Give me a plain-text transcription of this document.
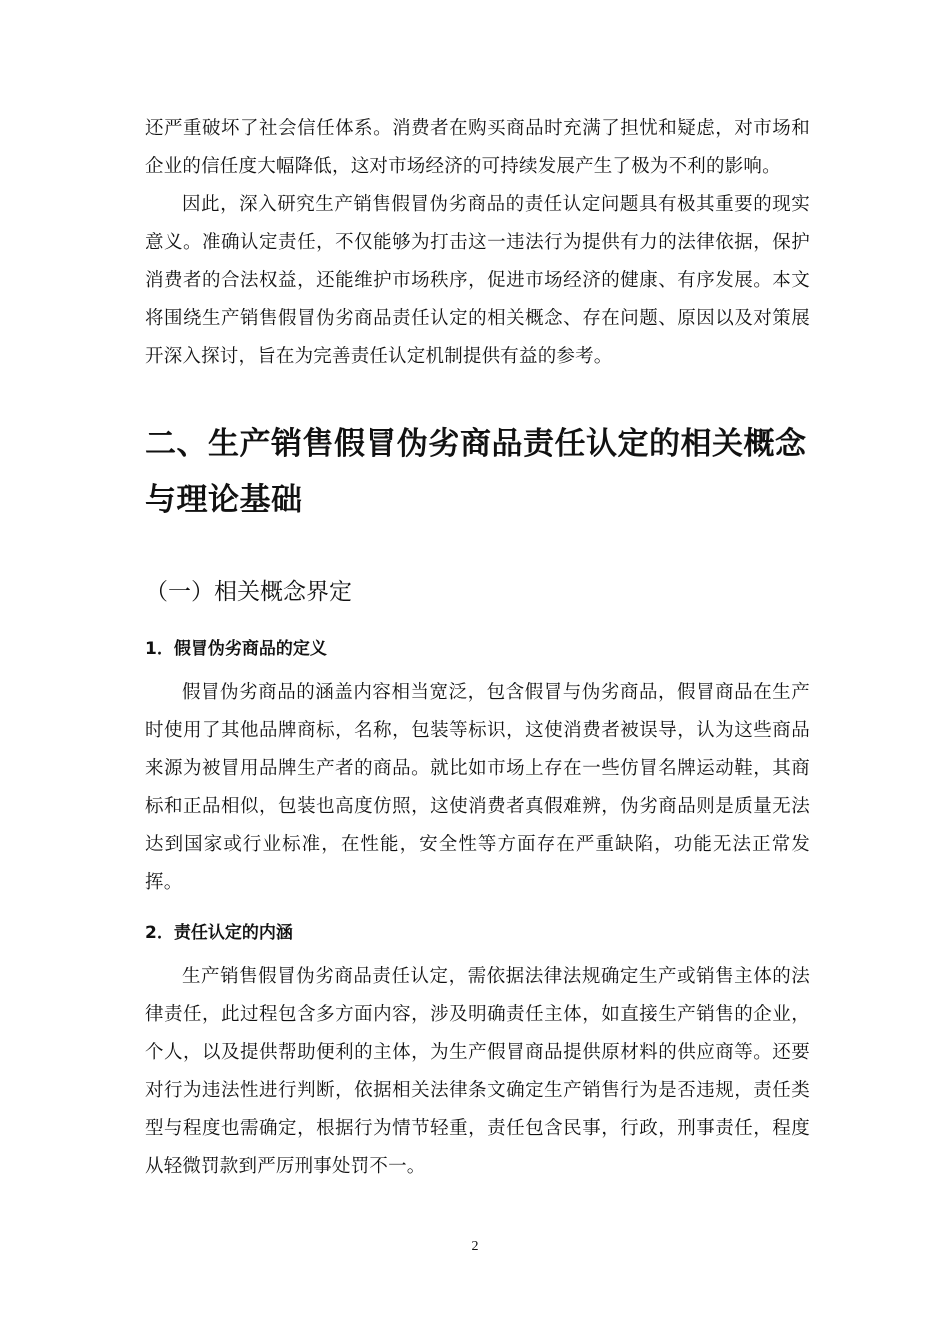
还严重破坏了社会信任体系。消费者在购买商品时充满了担忧和疑虑，对市场和企业的信任度大幅降低，这对市场经济的可持续发展产生了极为不利的影响。

因此，深入研究生产销售假冒伪劣商品的责任认定问题具有极其重要的现实意义。准确认定责任，不仅能够为打击这一违法行为提供有力的法律依据，保护消费者的合法权益，还能维护市场秩序，促进市场经济的健康、有序发展。本文将围绕生产销售假冒伪劣商品责任认定的相关概念、存在问题、原因以及对策展开深入探讨，旨在为完善责任认定机制提供有益的参考。

二、生产销售假冒伪劣商品责任认定的相关概念与理论基础
（一）相关概念界定
1．假冒伪劣商品的定义

假冒伪劣商品的涵盖内容相当宽泛，包含假冒与伪劣商品，假冒商品在生产时使用了其他品牌商标，名称，包装等标识，这使消费者被误导，认为这些商品来源为被冒用品牌生产者的商品。就比如市场上存在一些仿冒名牌运动鞋，其商标和正品相似，包装也高度仿照，这使消费者真假难辨，伪劣商品则是质量无法达到国家或行业标准，在性能，安全性等方面存在严重缺陷，功能无法正常发挥。

2．责任认定的内涵

生产销售假冒伪劣商品责任认定，需依据法律法规确定生产或销售主体的法律责任，此过程包含多方面内容，涉及明确责任主体，如直接生产销售的企业，个人，以及提供帮助便利的主体，为生产假冒商品提供原材料的供应商等。还要对行为违法性进行判断，依据相关法律条文确定生产销售行为是否违规，责任类型与程度也需确定，根据行为情节轻重，责任包含民事，行政，刑事责任，程度从轻微罚款到严厉刑事处罚不一。

2
